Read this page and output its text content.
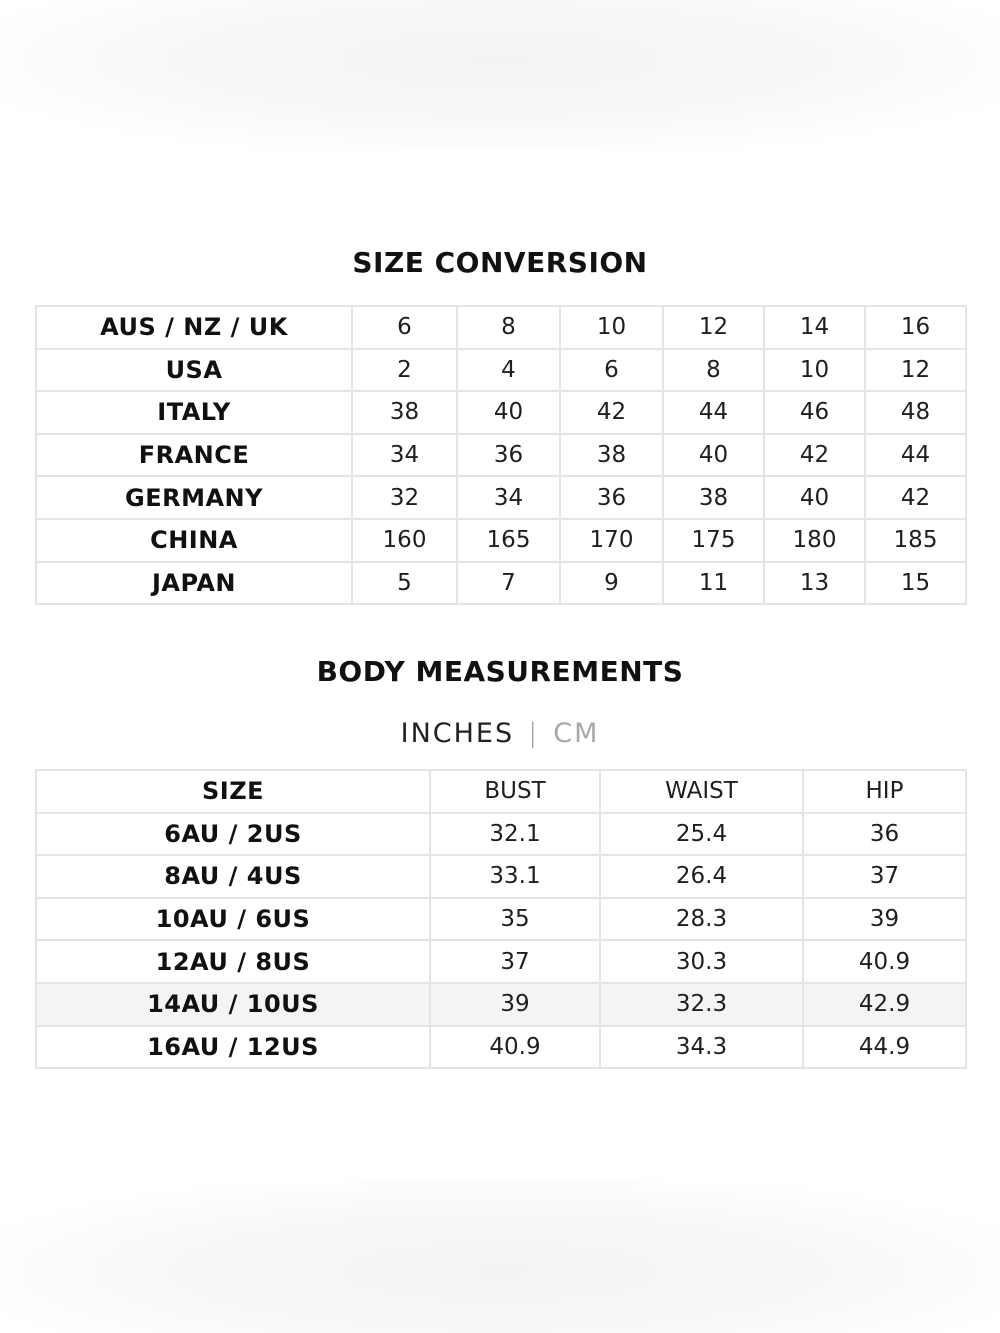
SIZE CONVERSION
AUS / NZ / UK	6	8	10	12	14	16
USA	2	4	6	8	10	12
ITALY	38	40	42	44	46	48
FRANCE	34	36	38	40	42	44
GERMANY	32	34	36	38	40	42
CHINA	160	165	170	175	180	185
JAPAN	5	7	9	11	13	15
BODY MEASUREMENTS
INCHES | CM
SIZE	BUST	WAIST	HIP
6AU / 2US	32.1	25.4	36
8AU / 4US	33.1	26.4	37
10AU / 6US	35	28.3	39
12AU / 8US	37	30.3	40.9
14AU / 10US	39	32.3	42.9
16AU / 12US	40.9	34.3	44.9
